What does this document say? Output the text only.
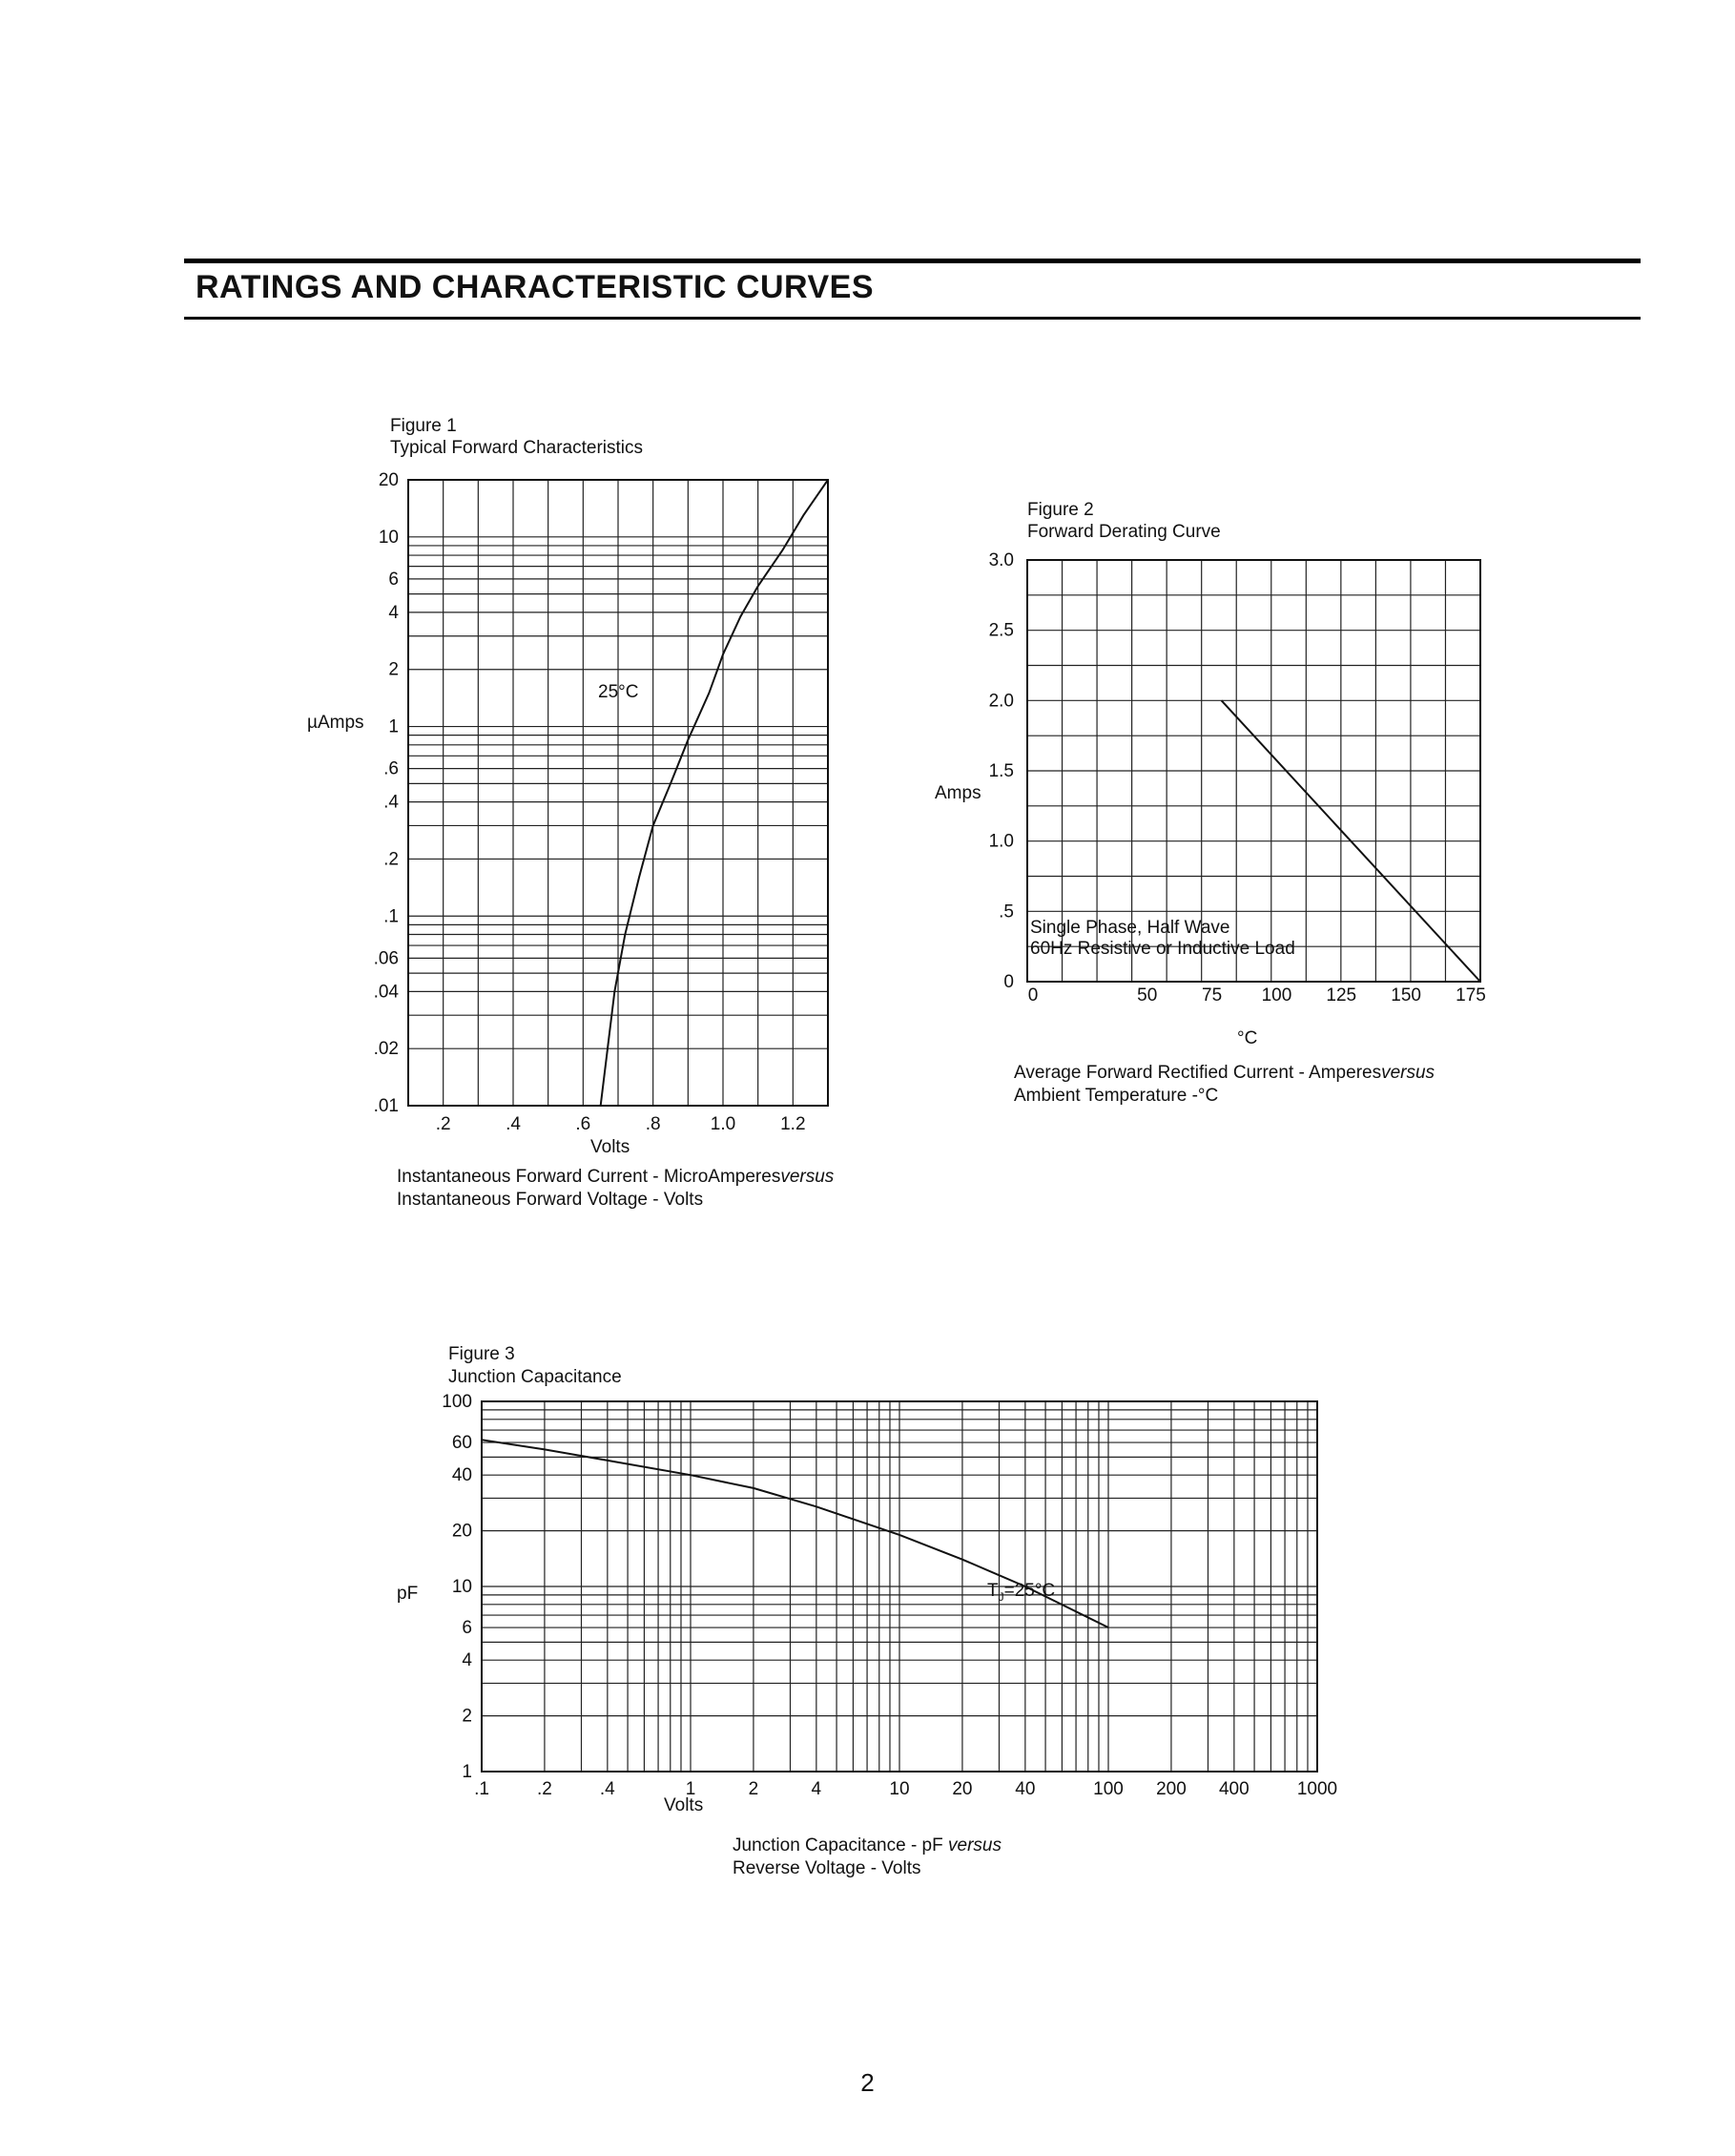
RATINGS AND CHARACTERISTIC CURVES
Figure 1
Typical Forward Characteristics
µAmps
Volts
Instantaneous Forward Current - MicroAmperesversus
Instantaneous Forward Voltage - Volts
Figure 2
Forward Derating Curve
Amps
°C
Average Forward Rectified Current - Amperesversus
Ambient Temperature -°C
Figure 3
Junction Capacitance
pF
Volts
Junction Capacitance - pF versus
Reverse Voltage - Volts
.2	.4	.6	.8	1.0 1.2
20
10
6
4
2
1
.6
.4
.2
.1
.06
.04
.02
.01
25°C
0	50 75 100 125 150 175
3.0
2.5
2.0
1.5
1.0
.5
0
Single Phase, Half Wave
60Hz Resistive or Inductive Load
.1	.2	.4	1	2	4	10 20 40	100 200 400	1000
100
60
40
20
10
6
4
2
1
$T_J=25^\circ C$
2
